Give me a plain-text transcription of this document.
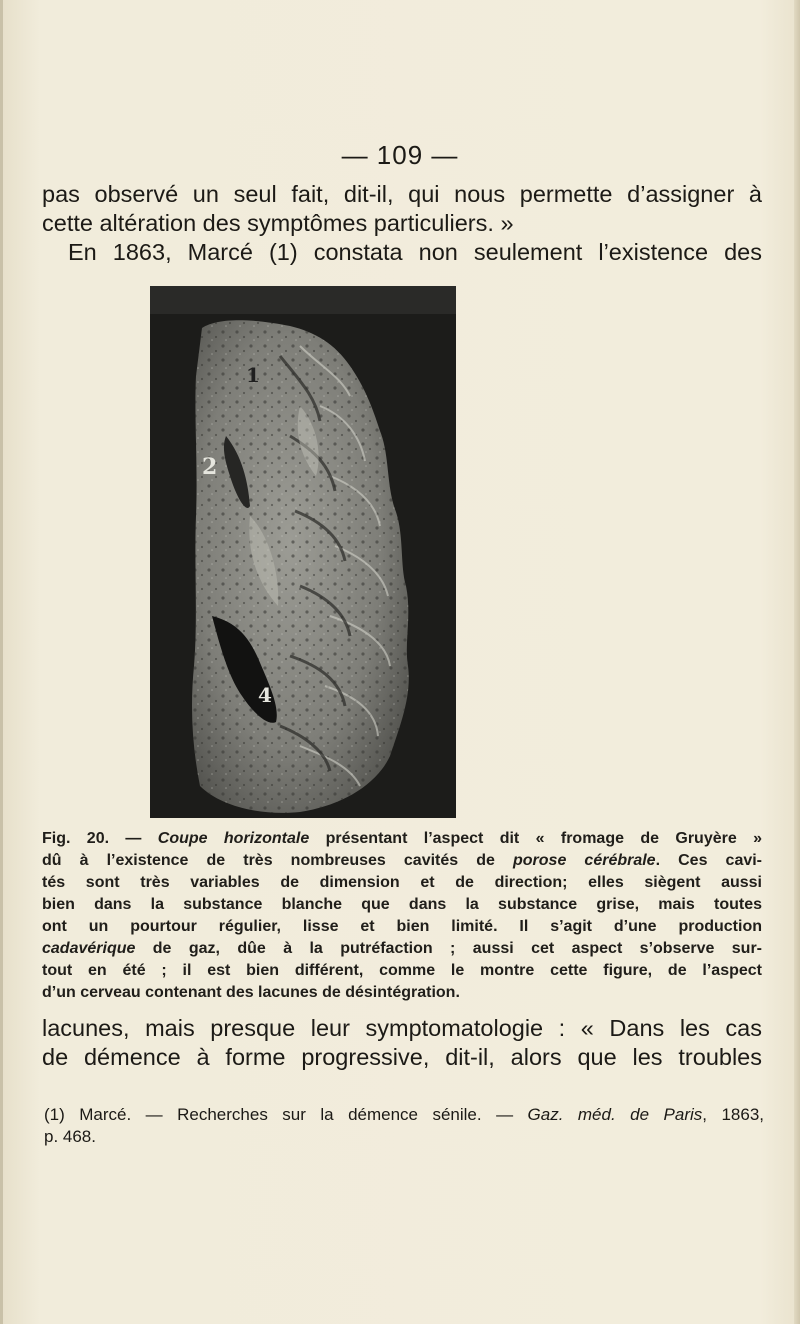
— 109 —
pas observé un seul fait, dit-il, qui nous permette d’assigner à
cette altération des symptômes particuliers. »
En 1863, Marcé (1) constata non seulement l’existence des
2
1
4
Fig. 20. — Coupe horizontale présentant l’aspect dit « fromage de Gruyère »
dû à l’existence de très nombreuses cavités de porose cérébrale. Ces cavi-
tés sont très variables de dimension et de direction; elles siègent aussi
bien dans la substance blanche que dans la substance grise, mais toutes
ont un pourtour régulier, lisse et bien limité. Il s’agit d’une production
cadavérique de gaz, dûe à la putréfaction ; aussi cet aspect s’observe sur-
tout en été ; il est bien différent, comme le montre cette figure, de l’aspect
d’un cerveau contenant des lacunes de désintégration.
lacunes, mais presque leur symptomatologie : « Dans les cas
de démence à forme progressive, dit-il, alors que les troubles
(1) Marcé. — Recherches sur la démence sénile. — Gaz. méd. de Paris, 1863,
p. 468.
